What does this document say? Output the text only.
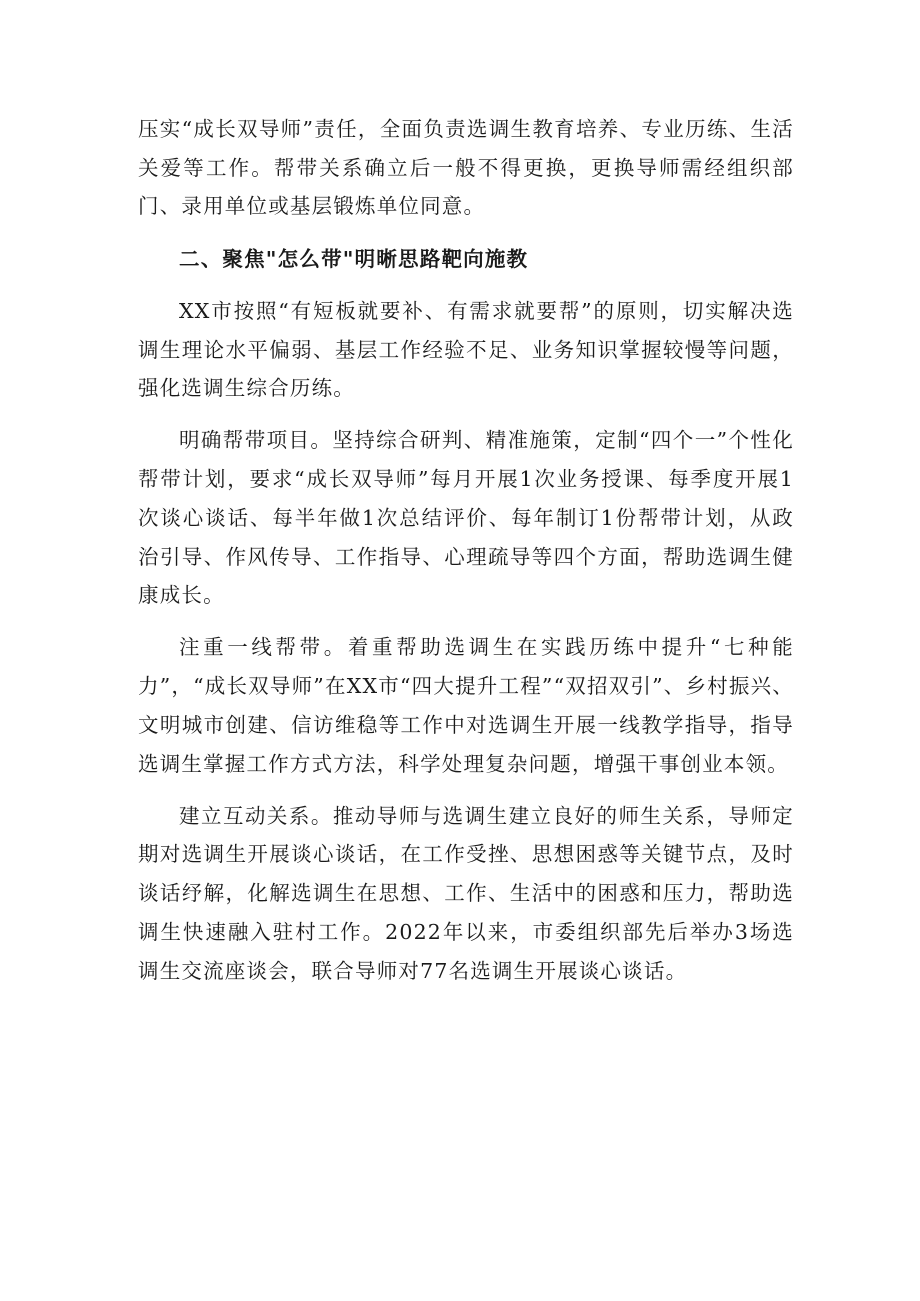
压实“成长双导师”责任，全面负责选调生教育培养、专业历练、生活关爱等工作。帮带关系确立后一般不得更换，更换导师需经组织部门、录用单位或基层锻炼单位同意。

二、聚焦"怎么带"明晰思路靶向施教

XX市按照“有短板就要补、有需求就要帮”的原则，切实解决选调生理论水平偏弱、基层工作经验不足、业务知识掌握较慢等问题，强化选调生综合历练。

明确帮带项目。坚持综合研判、精准施策，定制“四个一”个性化帮带计划，要求“成长双导师”每月开展1次业务授课、每季度开展1次谈心谈话、每半年做1次总结评价、每年制订1份帮带计划，从政治引导、作风传导、工作指导、心理疏导等四个方面，帮助选调生健康成长。

注重一线帮带。着重帮助选调生在实践历练中提升“七种能力”，“成长双导师”在XX市“四大提升工程”“双招双引”、乡村振兴、文明城市创建、信访维稳等工作中对选调生开展一线教学指导，指导选调生掌握工作方式方法，科学处理复杂问题，增强干事创业本领。

建立互动关系。推动导师与选调生建立良好的师生关系，导师定期对选调生开展谈心谈话，在工作受挫、思想困惑等关键节点，及时谈话纾解，化解选调生在思想、工作、生活中的困惑和压力，帮助选调生快速融入驻村工作。2022年以来，市委组织部先后举办3场选调生交流座谈会，联合导师对77名选调生开展谈心谈话。
